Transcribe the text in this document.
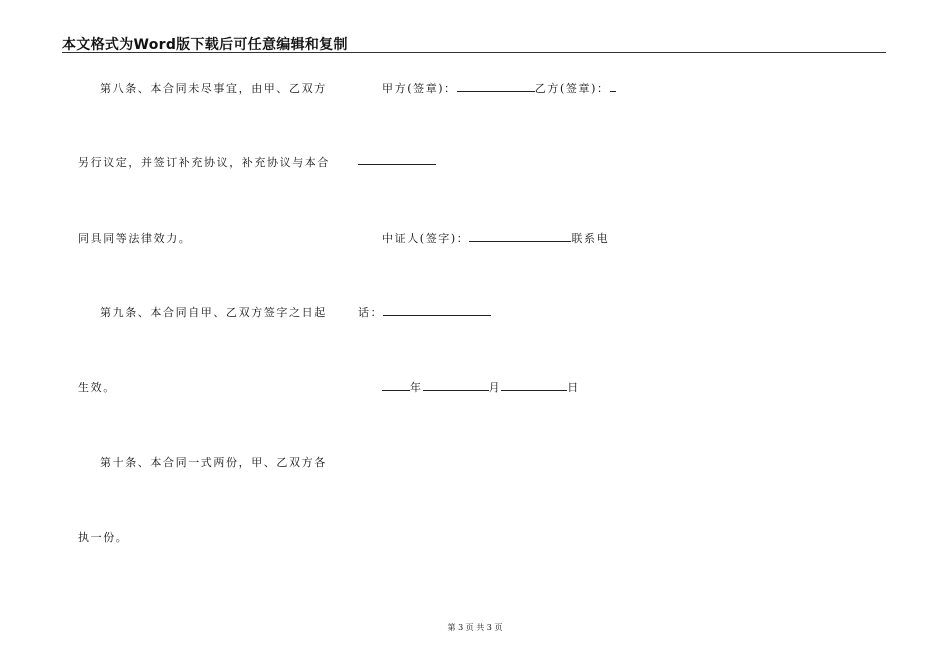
本文格式为Word版下载后可任意编辑和复制
第八条、本合同未尽事宜，由甲、乙双方
另行议定，并签订补充协议，补充协议与本合
同具同等法律效力。
第九条、本合同自甲、乙双方签字之日起
生效。
第十条、本合同一式两份，甲、乙双方各
执一份。
甲方(签章)：	乙方(签章)：
中证人(签字)：	联系电
话：
年	月	日
第 3 页 共 3 页
